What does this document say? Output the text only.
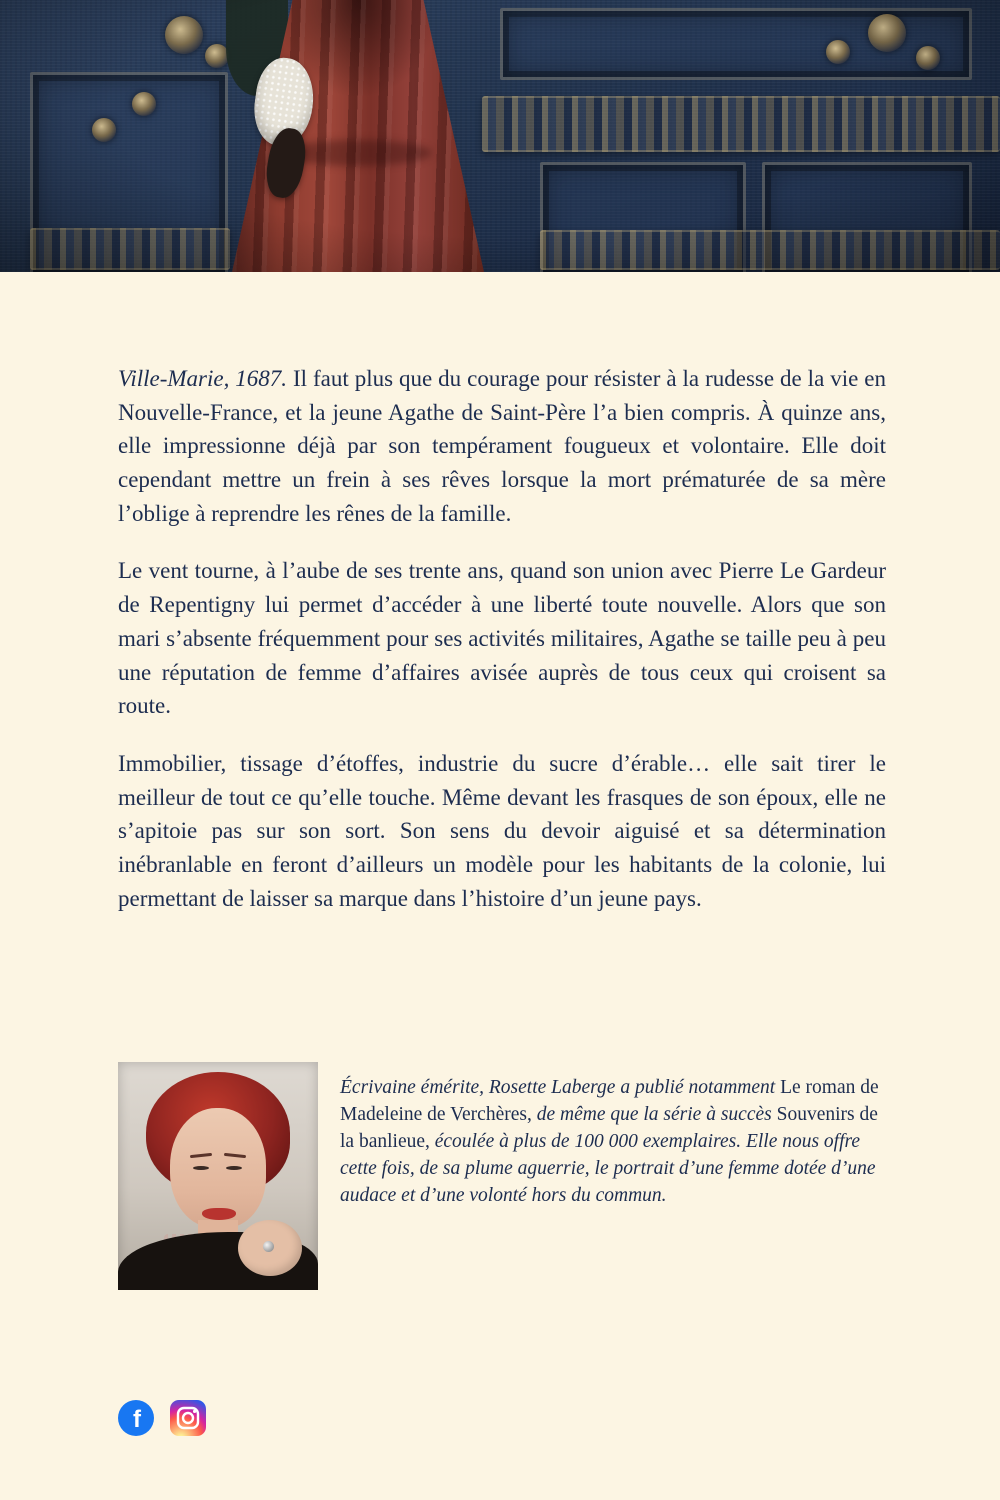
Ville-Marie, 1687. Il faut plus que du courage pour résister à la rudesse de la vie en Nouvelle-France, et la jeune Agathe de Saint-Père l’a bien compris. À quinze ans, elle impressionne déjà par son tempérament fougueux et volontaire. Elle doit cependant mettre un frein à ses rêves lorsque la mort prématurée de sa mère l’oblige à reprendre les rênes de la famille.

Le vent tourne, à l’aube de ses trente ans, quand son union avec Pierre Le Gardeur de Repentigny lui permet d’accéder à une liberté toute nouvelle. Alors que son mari s’absente fréquemment pour ses activités militaires, Agathe se taille peu à peu une réputation de femme d’affaires avisée auprès de tous ceux qui croisent sa route.

Immobilier, tissage d’étoffes, industrie du sucre d’érable… elle sait tirer le meilleur de tout ce qu’elle touche. Même devant les frasques de son époux, elle ne s’apitoie pas sur son sort. Son sens du devoir aiguisé et sa détermination inébranlable en feront d’ailleurs un modèle pour les habitants de la colonie, lui permettant de laisser sa marque dans l’histoire d’un jeune pays.

Écrivaine émérite, Rosette Laberge a publié notamment Le roman de Madeleine de Verchères, de même que la série à succès Souvenirs de la banlieue, écoulée à plus de 100 000 exemplaires. Elle nous offre cette fois, de sa plume aguerrie, le portrait d’une femme dotée d’une audace et d’une volonté hors du commun.

f
